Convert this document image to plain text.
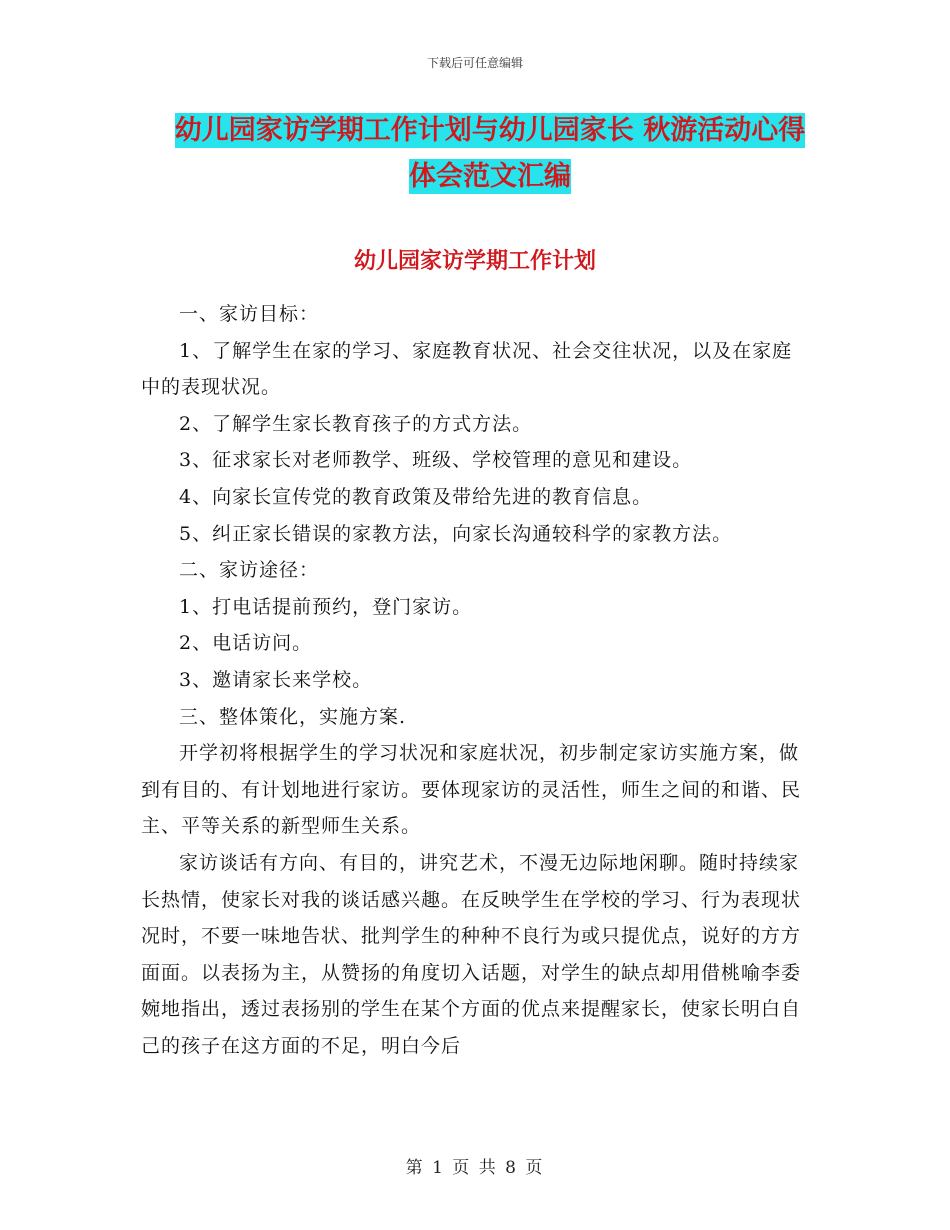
下载后可任意编辑
幼儿园家访学期工作计划与幼儿园家长 秋游活动心得
体会范文汇编
幼儿园家访学期工作计划

一、家访目标：

1、了解学生在家的学习、家庭教育状况、社会交往状况，以及在家庭中的表现状况。

2、了解学生家长教育孩子的方式方法。

3、征求家长对老师教学、班级、学校管理的意见和建设。

4、向家长宣传党的教育政策及带给先进的教育信息。

5、纠正家长错误的家教方法，向家长沟通较科学的家教方法。

二、家访途径：

1、打电话提前预约，登门家访。

2、电话访问。

3、邀请家长来学校。

三、整体策化，实施方案.

开学初将根据学生的学习状况和家庭状况，初步制定家访实施方案，做到有目的、有计划地进行家访。要体现家访的灵活性，师生之间的和谐、民主、平等关系的新型师生关系。

家访谈话有方向、有目的，讲究艺术，不漫无边际地闲聊。随时持续家长热情，使家长对我的谈话感兴趣。在反映学生在学校的学习、行为表现状况时，不要一味地告状、批判学生的种种不良行为或只提优点，说好的方方面面。以表扬为主，从赞扬的角度切入话题，对学生的缺点却用借桃喻李委婉地指出，透过表扬别的学生在某个方面的优点来提醒家长，使家长明白自己的孩子在这方面的不足，明白今后

第 1 页 共 8 页
